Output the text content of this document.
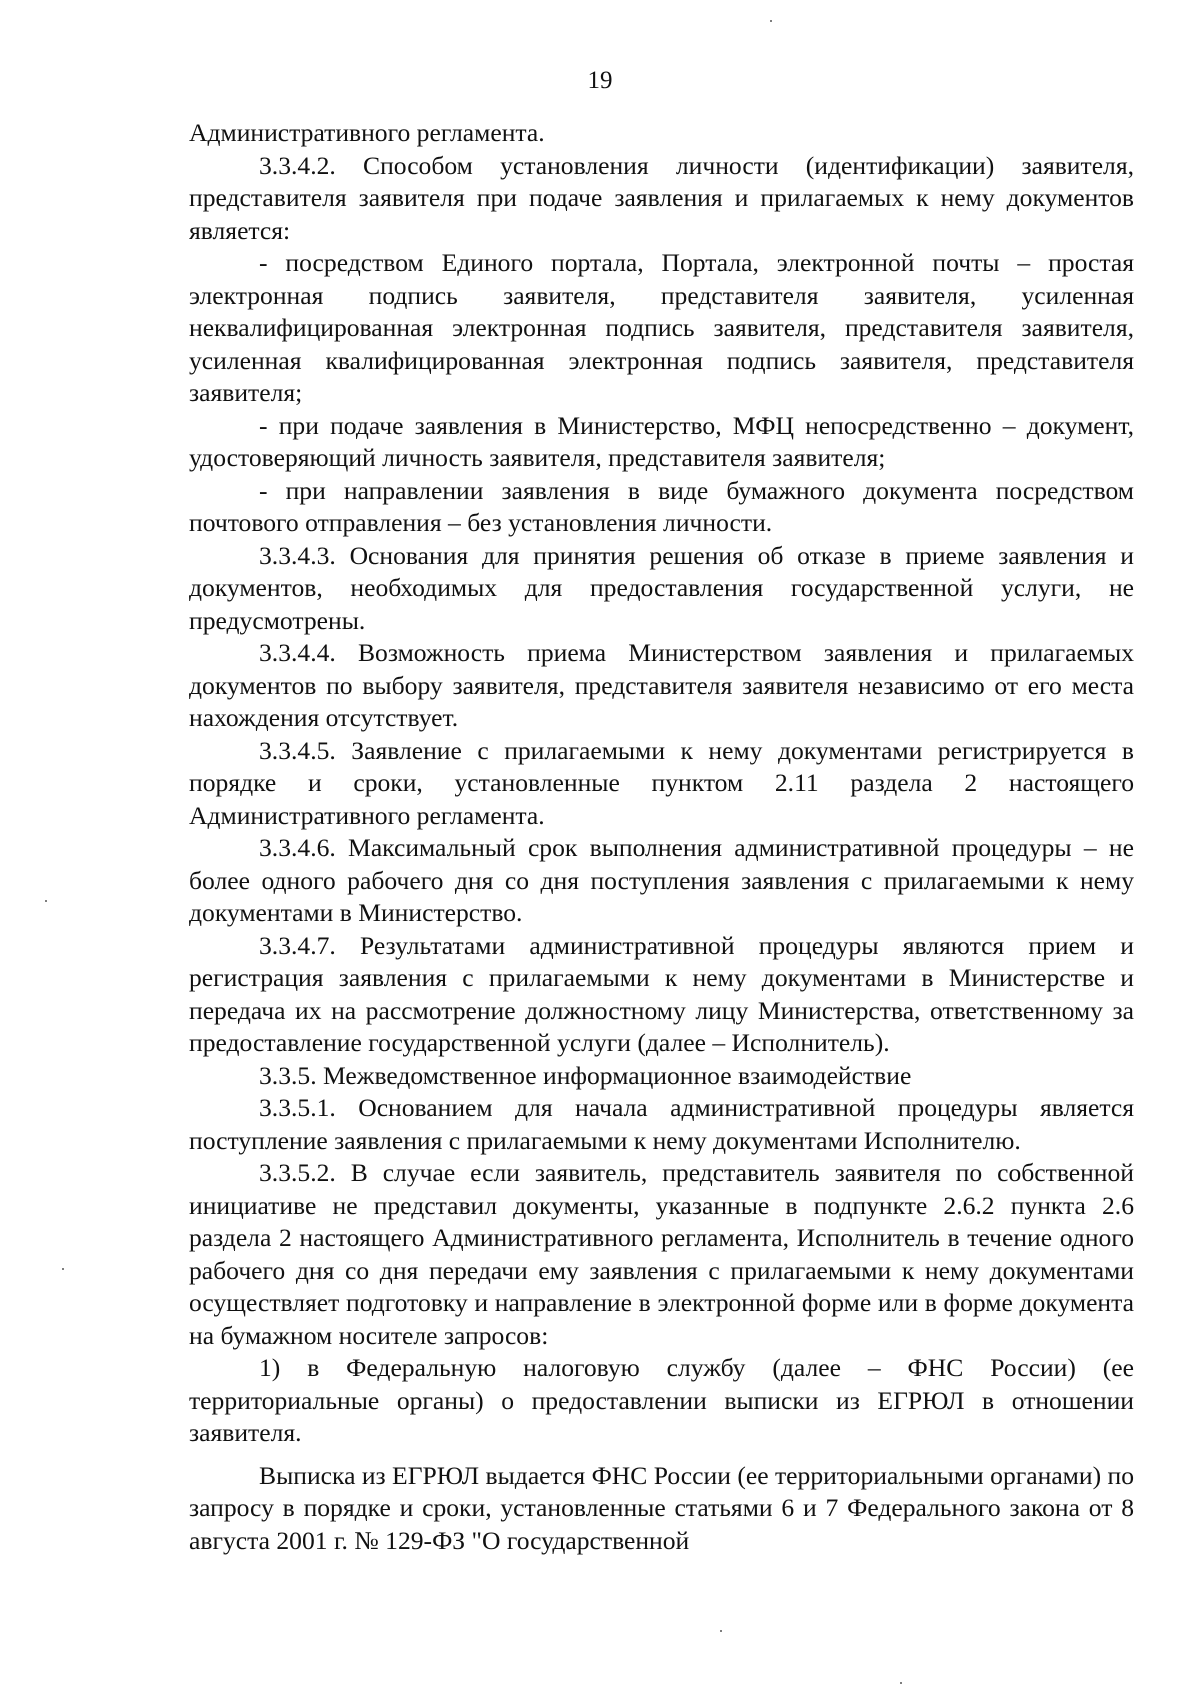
19

Административного регламента.

3.3.4.2. Способом установления личности (идентификации) заявителя, представителя заявителя при подаче заявления и прилагаемых к нему документов является:

- посредством Единого портала, Портала, электронной почты – простая электронная подпись заявителя, представителя заявителя, усиленная неквалифицированная электронная подпись заявителя, представителя заявителя, усиленная квалифицированная электронная подпись заявителя, представителя заявителя;

- при подаче заявления в Министерство, МФЦ непосредственно – документ, удостоверяющий личность заявителя, представителя заявителя;

- при направлении заявления в виде бумажного документа посредством почтового отправления – без установления личности.

3.3.4.3. Основания для принятия решения об отказе в приеме заявления и документов, необходимых для предоставления государственной услуги, не предусмотрены.

3.3.4.4. Возможность приема Министерством заявления и прилагаемых документов по выбору заявителя, представителя заявителя независимо от его места нахождения отсутствует.

3.3.4.5. Заявление с прилагаемыми к нему документами регистрируется в порядке и сроки, установленные пунктом 2.11 раздела 2 настоящего Административного регламента.

3.3.4.6. Максимальный срок выполнения административной процедуры – не более одного рабочего дня со дня поступления заявления с прилагаемыми к нему документами в Министерство.

3.3.4.7. Результатами административной процедуры являются прием и регистрация заявления с прилагаемыми к нему документами в Министерстве и передача их на рассмотрение должностному лицу Министерства, ответственному за предоставление государственной услуги (далее – Исполнитель).

3.3.5. Межведомственное информационное взаимодействие

3.3.5.1. Основанием для начала административной процедуры является поступление заявления с прилагаемыми к нему документами Исполнителю.

3.3.5.2. В случае если заявитель, представитель заявителя по собственной инициативе не представил документы, указанные в подпункте 2.6.2 пункта 2.6 раздела 2 настоящего Административного регламента, Исполнитель в течение одного рабочего дня со дня передачи ему заявления с прилагаемыми к нему документами осуществляет подготовку и направление в электронной форме или в форме документа на бумажном носителе запросов:

1) в Федеральную налоговую службу (далее – ФНС России) (ее территориальные органы) о предоставлении выписки из ЕГРЮЛ в отношении заявителя.

Выписка из ЕГРЮЛ выдается ФНС России (ее территориальными органами) по запросу в порядке и сроки, установленные статьями 6 и 7 Федерального закона от 8 августа 2001 г. № 129-ФЗ "О государственной
